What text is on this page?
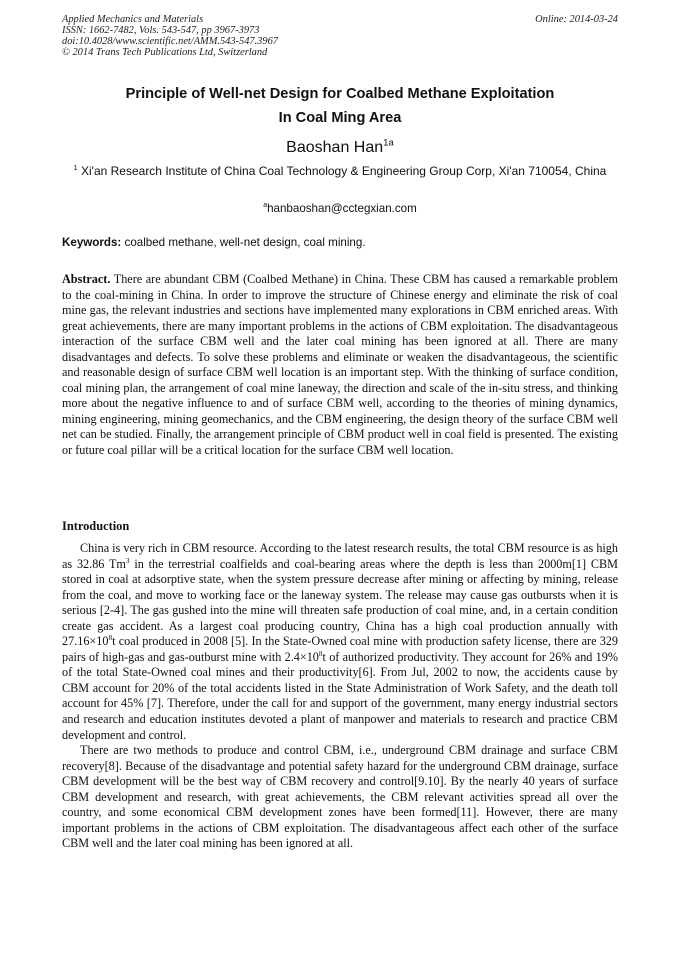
Applied Mechanics and Materials
ISSN: 1662-7482, Vols. 543-547, pp 3967-3973
doi:10.4028/www.scientific.net/AMM.543-547.3967
© 2014 Trans Tech Publications Ltd, Switzerland
Online: 2014-03-24
Principle of Well-net Design for Coalbed Methane Exploitation
In Coal Ming Area
Baoshan Han$^{1a}$
$^1$ Xi'an Research Institute of China Coal Technology & Engineering Group Corp, Xi'an 710054, China
$^a$hanbaoshan@cctegxian.com
Keywords: coalbed methane, well-net design, coal mining.
Abstract. There are abundant CBM (Coalbed Methane) in China. These CBM has caused a remarkable problem to the coal-mining in China. In order to improve the structure of Chinese energy and eliminate the risk of coal mine gas, the relevant industries and sections have implemented many explorations in CBM enriched areas. With great achievements, there are many important problems in the actions of CBM exploitation. The disadvantageous interaction of the surface CBM well and the later coal mining has been ignored at all. There are many disadvantages and defects. To solve these problems and eliminate or weaken the disadvantageous, the scientific and reasonable design of surface CBM well location is an important step. With the thinking of surface condition, coal mining plan, the arrangement of coal mine laneway, the direction and scale of the in-situ stress, and thinking more about the negative influence to and of surface CBM well, according to the theories of mining dynamics, mining engineering, mining geomechanics, and the CBM engineering, the design theory of the surface CBM well net can be studied. Finally, the arrangement principle of CBM product well in coal field is presented. The existing or future coal pillar will be a critical location for the surface CBM well location.
Introduction

China is very rich in CBM resource. According to the latest research results, the total CBM resource is as high as 32.86 Tm$^3$ in the terrestrial coalfields and coal-bearing areas where the depth is less than 2000m[1] CBM stored in coal at adsorptive state, when the system pressure decrease after mining or affecting by mining, release from the coal, and move to working face or the laneway system. The release may cause gas outbursts when it is serious [2-4]. The gas gushed into the mine will threaten safe production of coal mine, and, in a certain condition create gas accident. As a largest coal producing country, China has a high coal production annually with $27.16\times 10^8t$ coal produced in 2008 [5]. In the State-Owned coal mine with production safety license, there are 329 pairs of high-gas and gas-outburst mine with $2.4\times 10^8t$ of authorized productivity. They account for 26% and 19% of the total State-Owned coal mines and their productivity[6]. From Jul, 2002 to now, the accidents cause by CBM account for 20% of the total accidents listed in the State Administration of Work Safety, and the death toll account for 45% [7]. Therefore, under the call for and support of the government, many energy industrial sectors and research and education institutes devoted a plant of manpower and materials to research and practice CBM development and control.

There are two methods to produce and control CBM, i.e., underground CBM drainage and surface CBM recovery[8]. Because of the disadvantage and potential safety hazard for the underground CBM drainage, surface CBM development will be the best way of CBM recovery and control[9.10]. By the nearly 40 years of surface CBM development and research, with great achievements, the CBM relevant activities spread all over the country, and some economical CBM development zones have been formed[11]. However, there are many important problems in the actions of CBM exploitation. The disadvantageous affect each other of the surface CBM well and the later coal mining has been ignored at all.
